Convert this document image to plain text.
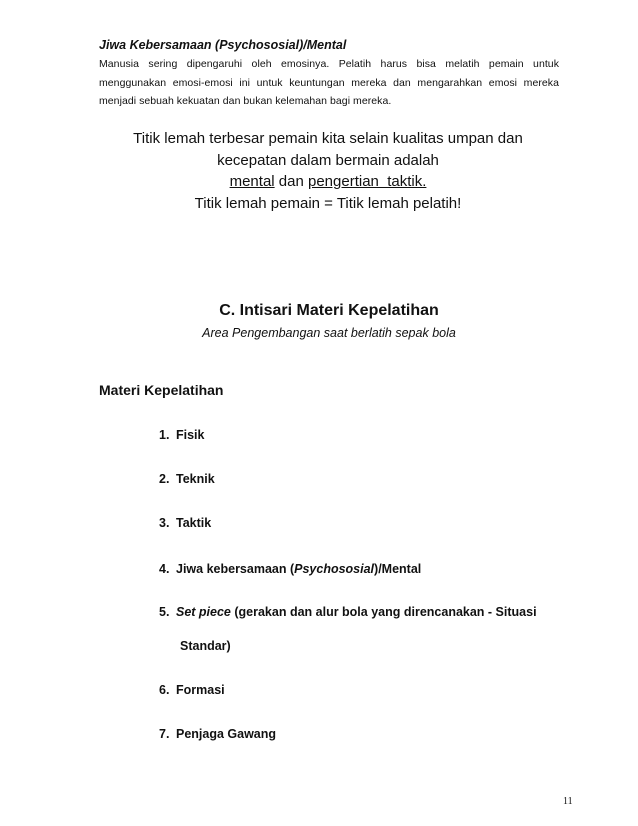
Jiwa Kebersamaan (Psychososial)/Mental
Manusia sering dipengaruhi oleh emosinya. Pelatih harus bisa melatih pemain untuk
menggunakan emosi-emosi ini untuk keuntungan mereka dan mengarahkan emosi mereka
menjadi sebuah kekuatan dan bukan kelemahan bagi mereka.
Titik lemah terbesar pemain kita selain kualitas umpan dan
kecepatan dalam bermain adalah
mental dan pengertian  taktik.
Titik lemah pemain = Titik lemah pelatih!
C. Intisari Materi Kepelatihan
Area Pengembangan saat berlatih sepak bola
Materi Kepelatihan
1. Fisik
2. Teknik
3. Taktik
4. Jiwa kebersamaan (Psychososial)/Mental
5. Set piece (gerakan dan alur bola yang direncanakan - Situasi
Standar)
6. Formasi
7. Penjaga Gawang
11
